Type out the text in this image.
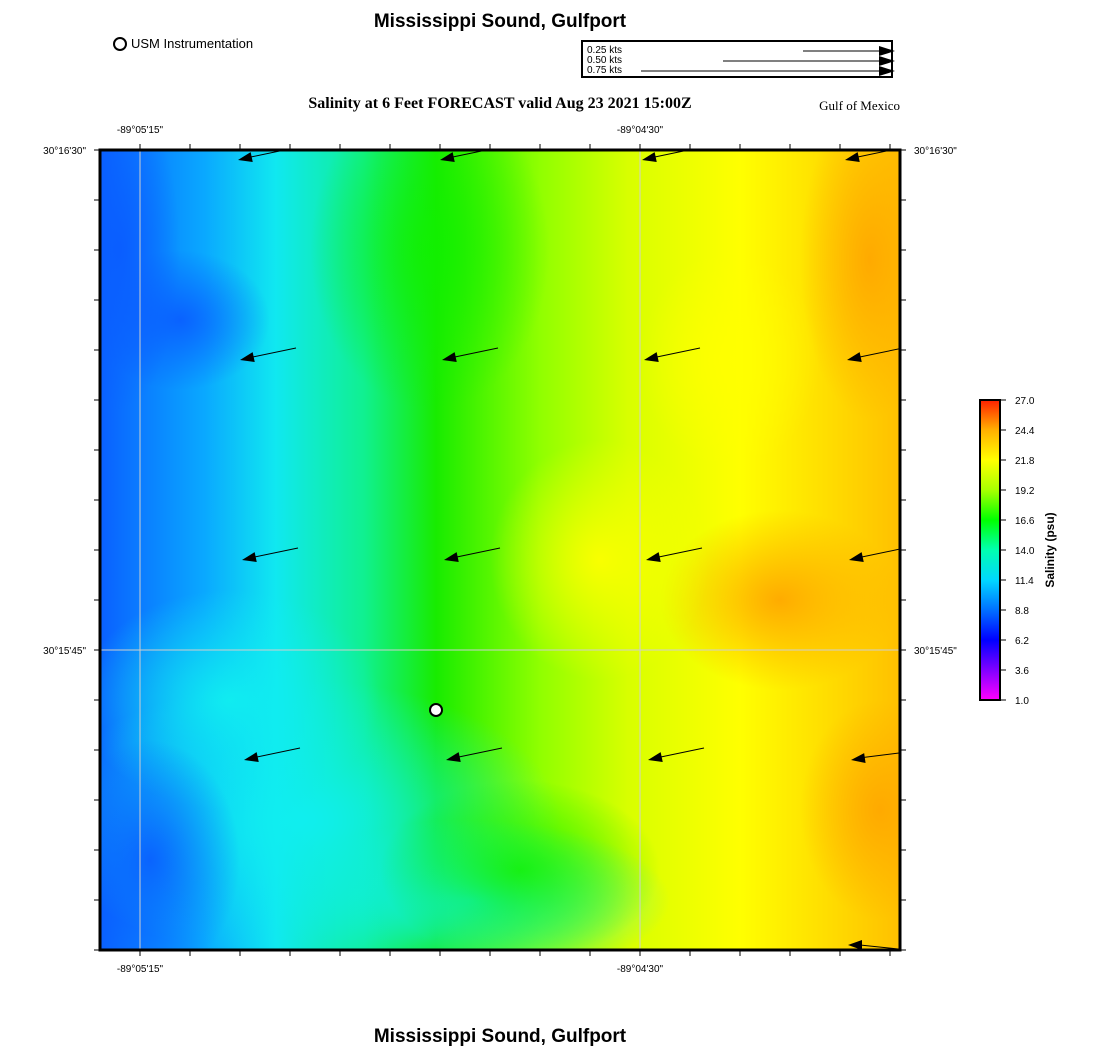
Mississippi Sound, Gulfport
USM Instrumentation	0.25 kts
0.50 kts
0.75 kts
Salinity at 6 Feet FORECAST valid Aug 23 2021 15:00Z	Gulf of Mexico
-89°05'15"	-89°04'30"
-89°05'15"	-89°04'30"
30°16'30"
30°15'45"
30°16'30"
30°15'45"
1.0
3.6
6.2
8.8
11.4
14.0
16.6
19.2
21.8
24.4
27.0
Salinity (psu)
Mississippi Sound, Gulfport
